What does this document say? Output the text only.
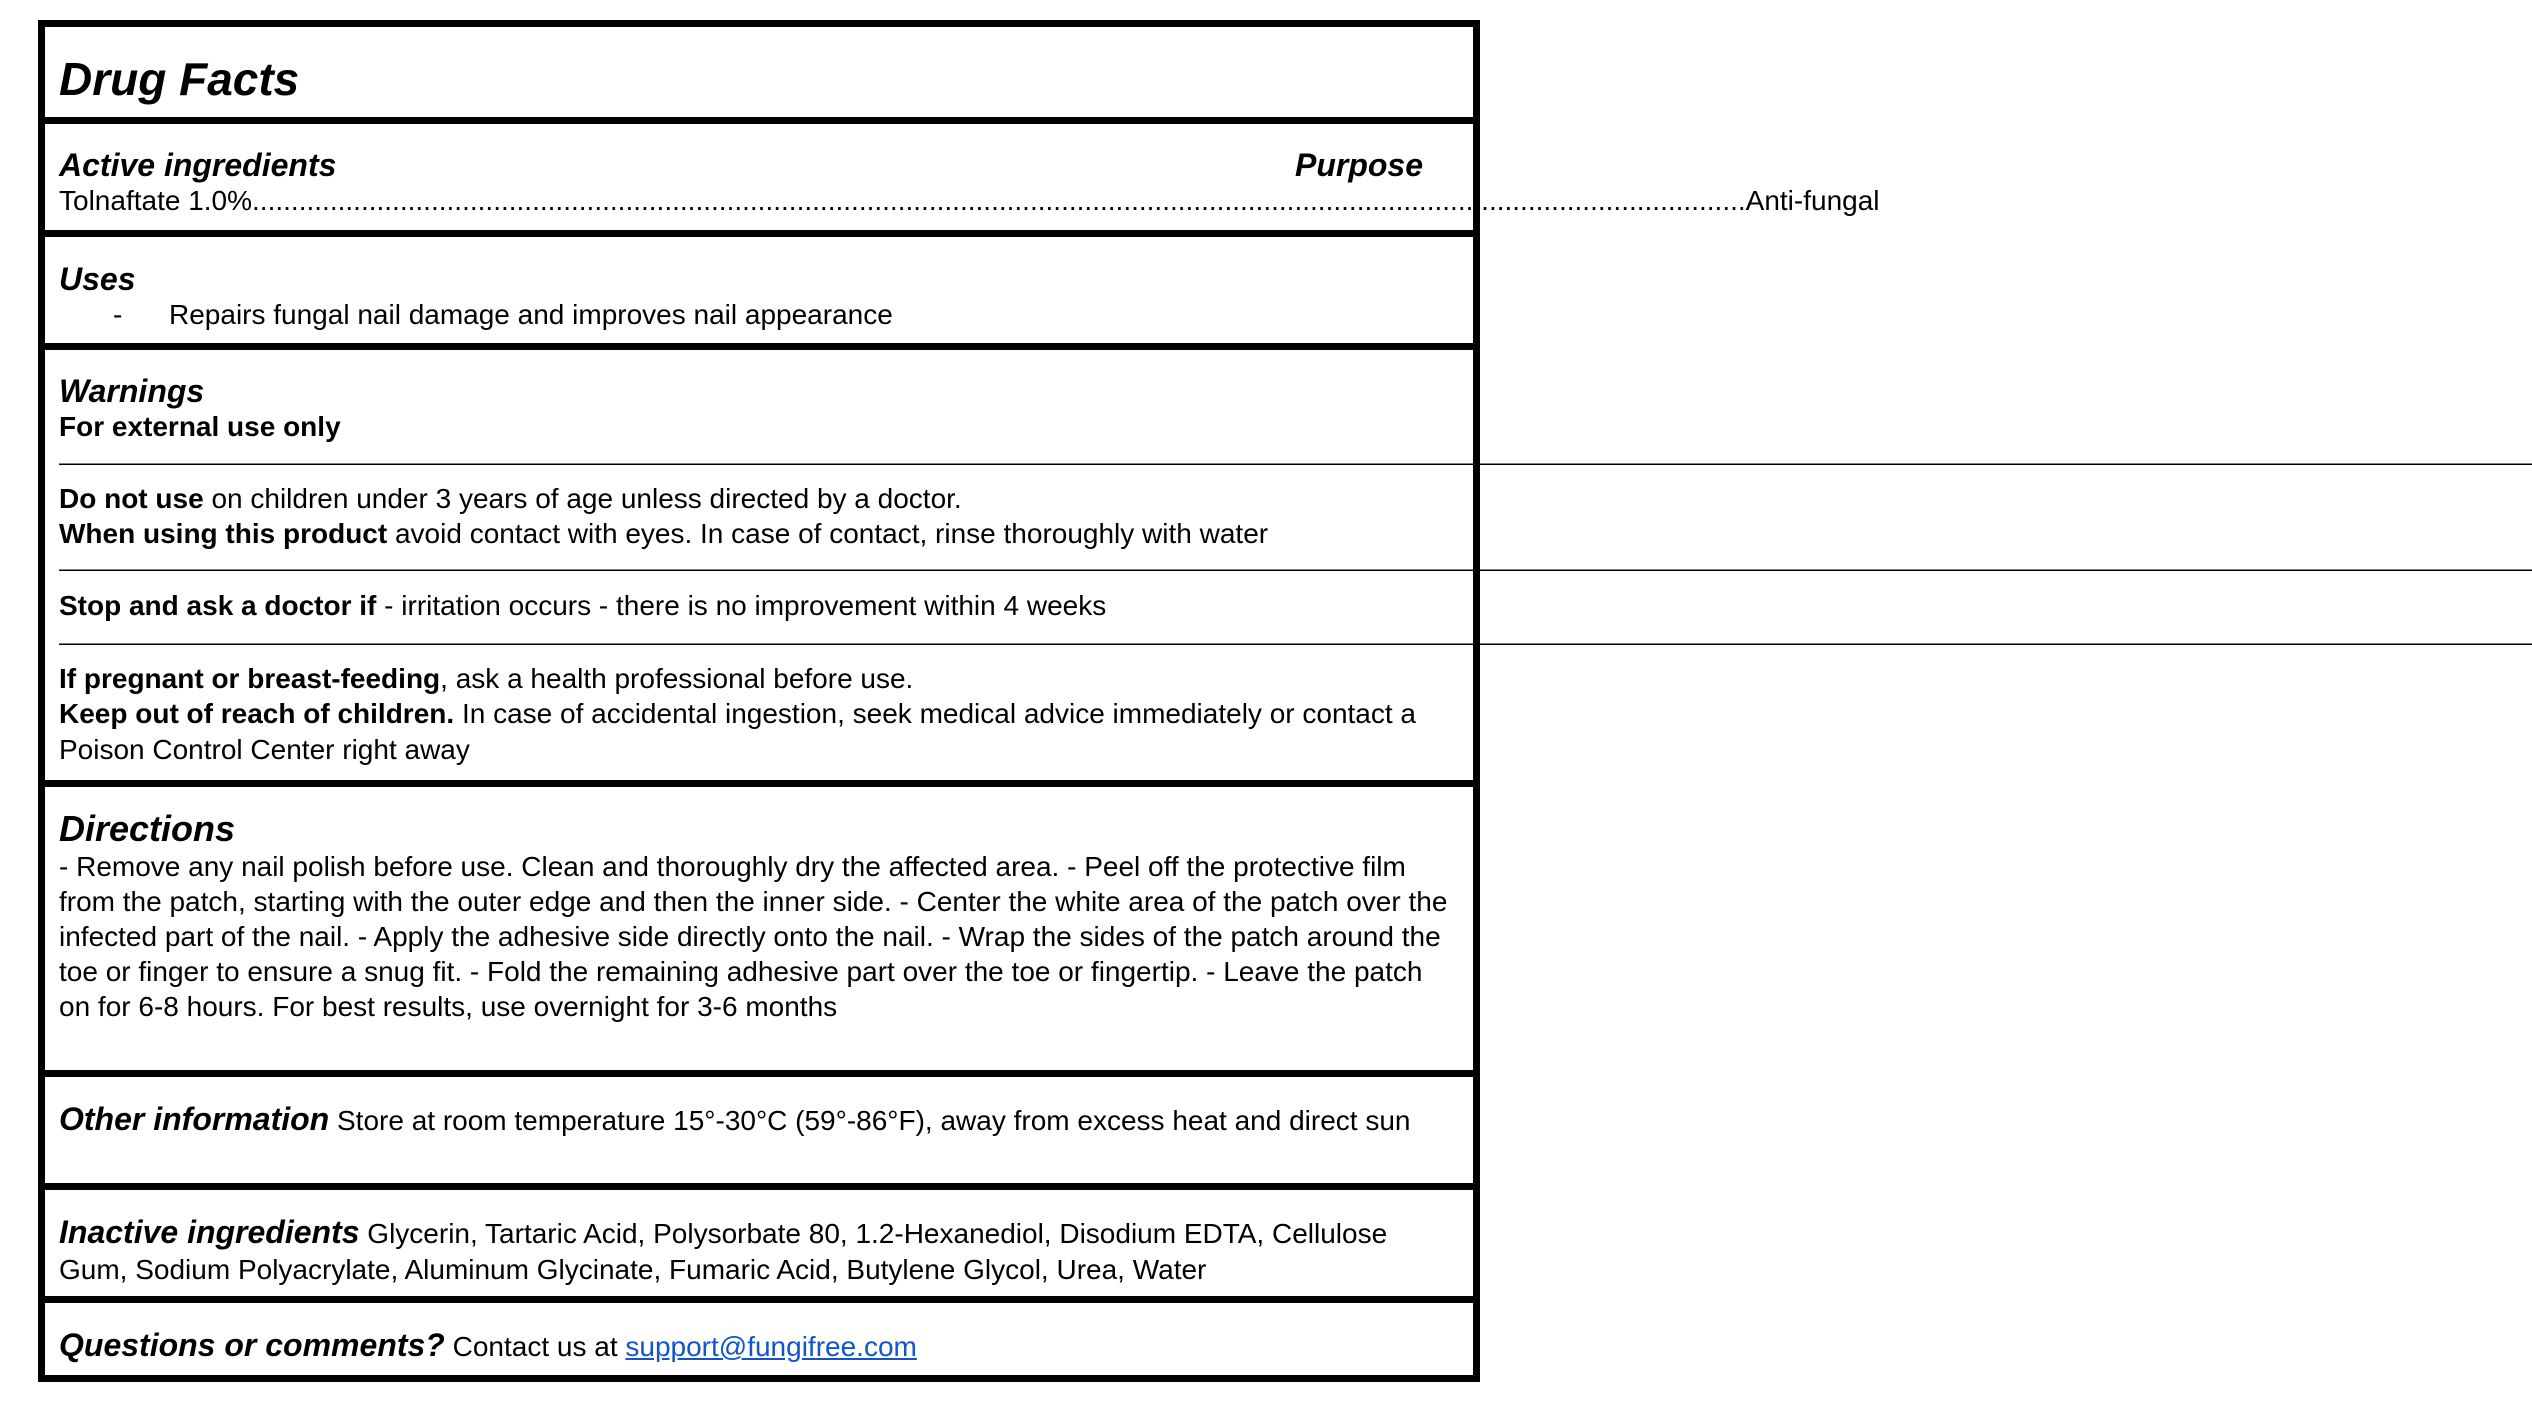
Drug Facts
Active ingredients	Purpose
Tolnaftate 1.0% ................................................................................................................................................................................................ Anti-fungal
Uses
-	Repairs fungal nail damage and improves nail appearance
Warnings
For external use only
———————————————————————————————————————————————————————————————————————————————————————————————————————————————————
Do not use on children under 3 years of age unless directed by a doctor.
When using this product avoid contact with eyes. In case of contact, rinse thoroughly with water
———————————————————————————————————————————————————————————————————————————————————————————————————————————————————
Stop and ask a doctor if - irritation occurs - there is no improvement within 4 weeks
———————————————————————————————————————————————————————————————————————————————————————————————————————————————————
If pregnant or breast-feeding, ask a health professional before use.
Keep out of reach of children. In case of accidental ingestion, seek medical advice immediately or contact a Poison Control Center right away
Directions
- Remove any nail polish before use. Clean and thoroughly dry the affected area. - Peel off the protective film from the patch, starting with the outer edge and then the inner side. - Center the white area of the patch over the infected part of the nail. - Apply the adhesive side directly onto the nail. - Wrap the sides of the patch around the toe or finger to ensure a snug fit. - Fold the remaining adhesive part over the toe or fingertip. - Leave the patch on for 6-8 hours. For best results, use overnight for 3-6 months
Other information Store at room temperature 15°-30°C (59°-86°F), away from excess heat and direct sun
Inactive ingredients Glycerin, Tartaric Acid, Polysorbate 80, 1.2-Hexanediol, Disodium EDTA, Cellulose Gum, Sodium Polyacrylate, Aluminum Glycinate, Fumaric Acid, Butylene Glycol, Urea, Water
Questions or comments? Contact us at support@fungifree.com
